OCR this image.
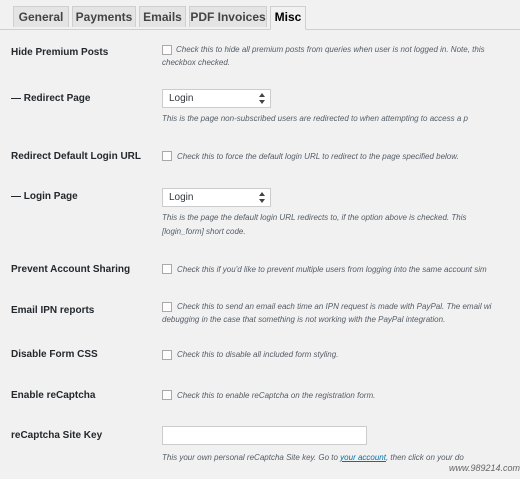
General	Payments Emails PDF Invoices Misc
Hide Premium Posts	Check this to hide all premium posts from queries when user is not logged in. Note, this
checkbox checked.
— Redirect Page	Login
This is the page non-subscribed users are redirected to when attempting to access a p
Redirect Default Login URL	Check this to force the default login URL to redirect to the page specified below.
— Login Page	Login
This is the page the default login URL redirects to, if the option above is checked. This
[login_form] short code.
Prevent Account Sharing	Check this if you'd like to prevent multiple users from logging into the same account sim
Email IPN reports	Check this to send an email each time an IPN request is made with PayPal. The email wi
debugging in the case that something is not working with the PayPal integration.
Disable Form CSS	Check this to disable all included form styling.
Enable reCaptcha	Check this to enable reCaptcha on the registration form.
reCaptcha Site Key
This your own personal reCaptcha Site key. Go to your account, then click on your do
www.989214.com
